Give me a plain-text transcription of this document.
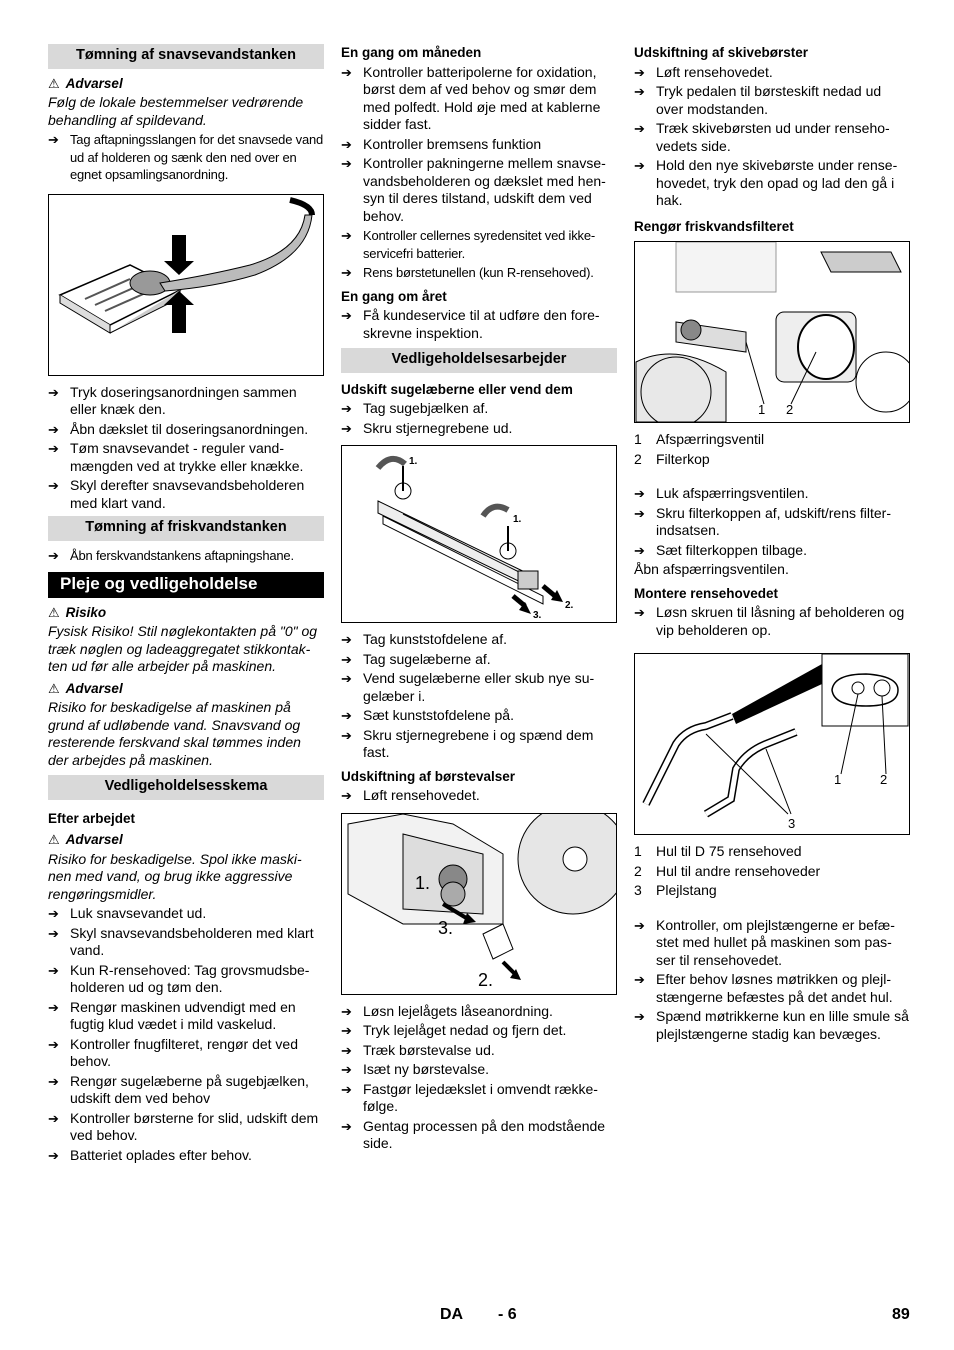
Tømning af snavsevandstanken
⚠ Advarsel
Følg de lokale bestemmelser vedrørende behandling af spildevand.
➔ Tag aftapningsslangen for det snavsede vand ud af holderen og sænk den ned over en egnet opsamlingsanordning.
➔ Tryk doseringsanordningen sammen eller knæk den.
➔ Åbn dækslet til doseringsanordningen.
➔ Tøm snavsevandet - reguler vand-mængden ved at trykke eller knække.
➔ Skyl derefter snavsevandsbeholderen med klart vand.
Tømning af friskvandstanken
➔ Åbn ferskvandstankens aftapningshane.
Pleje og vedligeholdelse
⚠ Risiko
Fysisk Risiko! Stil nøglekontakten på "0" og træk nøglen og ladeaggregatet stikkontak-ten ud før alle arbejder på maskinen.
⚠ Advarsel
Risiko for beskadigelse af maskinen på grund af udløbende vand. Snavsvand og resterende ferskvand skal tømmes inden der arbejdes på maskinen.
Vedligeholdelsesskema
Efter arbejdet
⚠ Advarsel
Risiko for beskadigelse. Spol ikke maski-nen med vand, og brug ikke aggressive rengøringsmidler.
➔ Luk snavsevandet ud.
➔ Skyl snavsevandsbeholderen med klart vand.
➔ Kun R-rensehoved: Tag grovsmudsbe-holderen ud og tøm den.
➔ Rengør maskinen udvendigt med en fugtig klud vædet i mild vaskelud.
➔ Kontroller fnugfilteret, rengør det ved behov.
➔ Rengør sugelæberne på sugebjælken, udskift dem ved behov
➔ Kontroller børsterne for slid, udskift dem ved behov.
➔ Batteriet oplades efter behov.
En gang om måneden
➔ Kontroller batteripolerne for oxidation, børst dem af ved behov og smør dem med polfedt. Hold øje med at kablerne sidder fast.
➔ Kontroller bremsens funktion
➔ Kontroller pakningerne mellem snavse-vandsbeholderen og dækslet med hen-syn til deres tilstand, udskift dem ved behov.
➔ Kontroller cellernes syredensitet ved ikke-servicefri batterier.
➔ Rens børstetunellen (kun R-rensehoved).
En gang om året
➔ Få kundeservice til at udføre den fore-skrevne inspektion.
Vedligeholdelsesarbejder
Udskift sugelæberne eller vend dem
➔ Tag sugebjælken af.
➔ Skru stjernegrebene ud.
1.
1.
2.
3.
➔ Tag kunststofdelene af.
➔ Tag sugelæberne af.
➔ Vend sugelæberne eller skub nye su-gelæber i.
➔ Sæt kunststofdelene på.
➔ Skru stjernegrebene i og spænd dem fast.
Udskiftning af børstevalser
➔ Løft rensehovedet.
1.
3.
2.
➔ Løsn lejelågets låseanordning.
➔ Tryk lejelåget nedad og fjern det.
➔ Træk børstevalse ud.
➔ Isæt ny børstevalse.
➔ Fastgør lejedækslet i omvendt række-følge.
➔ Gentag processen på den modstående side.
Udskiftning af skivebørster
➔ Løft rensehovedet.
➔ Tryk pedalen til børsteskift nedad ud over modstanden.
➔ Træk skivebørsten ud under renseho-vedets side.
➔ Hold den nye skivebørste under rense-hovedet, tryk den opad og lad den gå i hak.
Rengør friskvandsfilteret
1 2
1	Afspærringsventil
2	Filterkop
➔ Luk afspærringsventilen.
➔ Skru filterkoppen af, udskift/rens filter-indsatsen.
➔ Sæt filterkoppen tilbage.
Åbn afspærringsventilen.
Montere rensehovedet
➔ Løsn skruen til låsning af beholderen og vip beholderen op.
1	2
3
1	Hul til D 75 rensehoved
2	Hul til andre rensehoveder
3	Plejlstang
➔ Kontroller, om plejlstængerne er befæ-stet med hullet på maskinen som pas-ser til rensehovedet.
➔ Efter behov løsnes møtrikken og plejl-stængerne befæstes på det andet hul.
➔ Spænd møtrikkerne kun en lille smule så plejlstængerne stadig kan bevæges.
DA - 6	89
